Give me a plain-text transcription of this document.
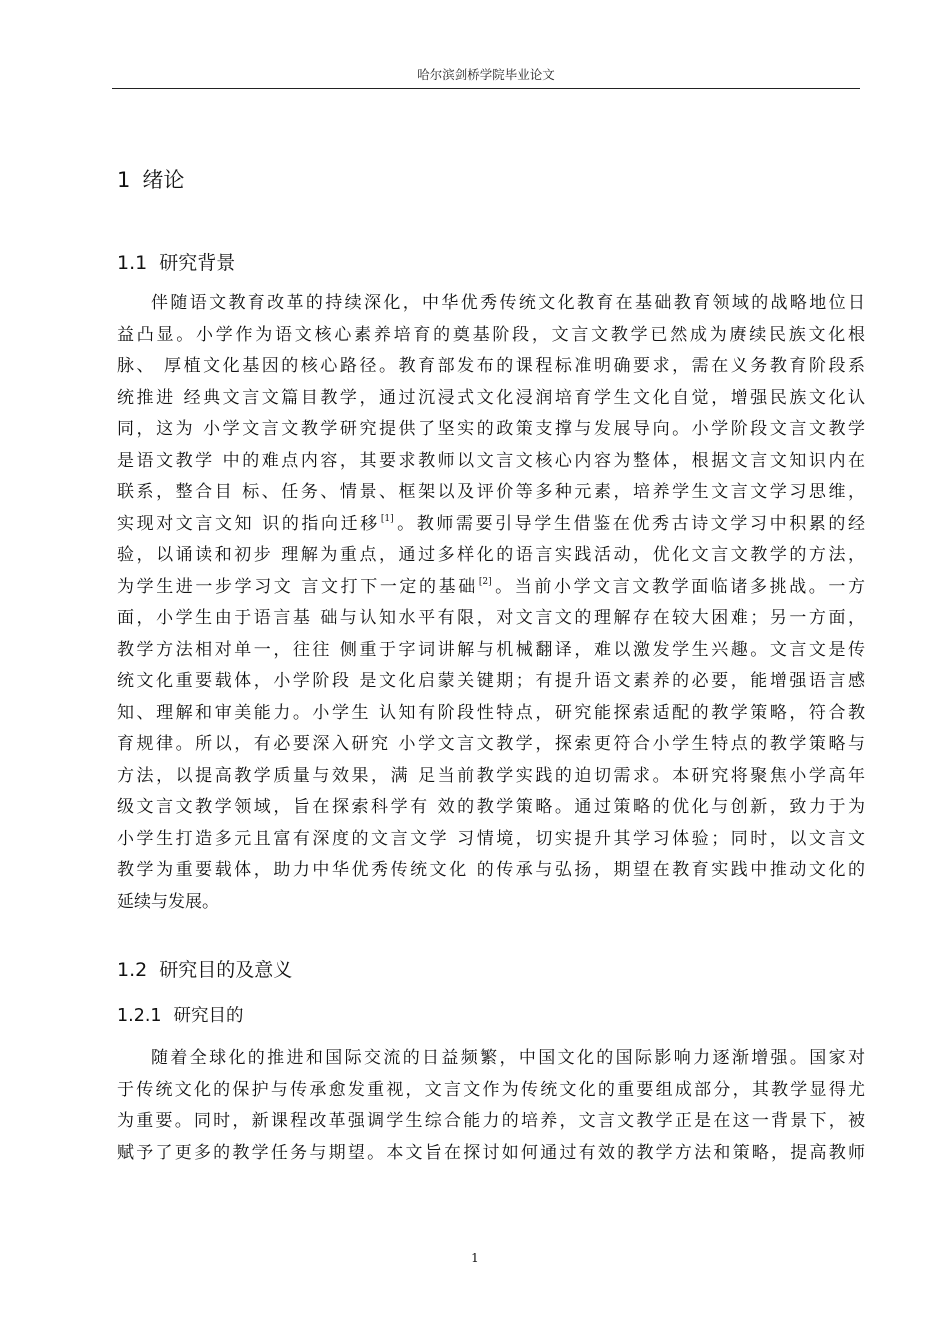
哈尔滨剑桥学院毕业论文
1 绪论
1.1 研究背景
伴随语文教育改革的持续深化，中华优秀传统文化教育在基础教育领域的战略地位日
益凸显。小学作为语文核心素养培育的奠基阶段，文言文教学已然成为赓续民族文化根
脉、 厚植文化基因的核心路径。教育部发布的课程标准明确要求，需在义务教育阶段系
统推进 经典文言文篇目教学，通过沉浸式文化浸润培育学生文化自觉，增强民族文化认
同，这为 小学文言文教学研究提供了坚实的政策支撑与发展导向。小学阶段文言文教学
是语文教学 中的难点内容，其要求教师以文言文核心内容为整体，根据文言文知识内在
联系，整合目 标、任务、情景、框架以及评价等多种元素，培养学生文言文学习思维，
实现对文言文知 识的指向迁移[1]。教师需要引导学生借鉴在优秀古诗文学习中积累的经
验，以诵读和初步 理解为重点，通过多样化的语言实践活动，优化文言文教学的方法，
为学生进一步学习文 言文打下一定的基础[2]。当前小学文言文教学面临诸多挑战。一方
面，小学生由于语言基 础与认知水平有限，对文言文的理解存在较大困难；另一方面，
教学方法相对单一，往往 侧重于字词讲解与机械翻译，难以激发学生兴趣。文言文是传
统文化重要载体，小学阶段 是文化启蒙关键期；有提升语文素养的必要，能增强语言感
知、理解和审美能力。小学生 认知有阶段性特点，研究能探索适配的教学策略，符合教
育规律。所以，有必要深入研究 小学文言文教学，探索更符合小学生特点的教学策略与
方法，以提高教学质量与效果，满 足当前教学实践的迫切需求。本研究将聚焦小学高年
级文言文教学领域，旨在探索科学有 效的教学策略。通过策略的优化与创新，致力于为
小学生打造多元且富有深度的文言文学 习情境，切实提升其学习体验；同时，以文言文
教学为重要载体，助力中华优秀传统文化 的传承与弘扬，期望在教育实践中推动文化的
延续与发展。
1.2 研究目的及意义
1.2.1 研究目的
随着全球化的推进和国际交流的日益频繁，中国文化的国际影响力逐渐增强。国家对
于传统文化的保护与传承愈发重视，文言文作为传统文化的重要组成部分，其教学显得尤
为重要。同时，新课程改革强调学生综合能力的培养，文言文教学正是在这一背景下，被
赋予了更多的教学任务与期望。本文旨在探讨如何通过有效的教学方法和策略，提高教师
1
